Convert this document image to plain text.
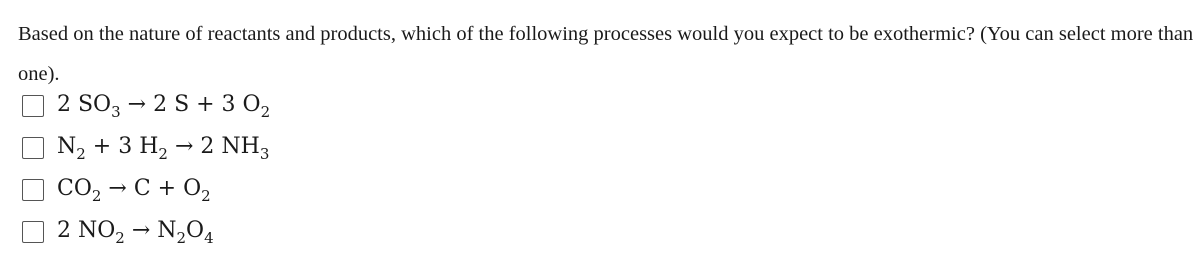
Based on the nature of reactants and products, which of the following processes would you expect to be exothermic? (You can select more than one).

2 $SO_3 \to 2$ S + 3 $O_2$
$N_2 + 3$ $H_2 \to 2$ $NH_3$
$CO_2 \to C + O_2$
2 $NO_2 \to N_2O_4$
